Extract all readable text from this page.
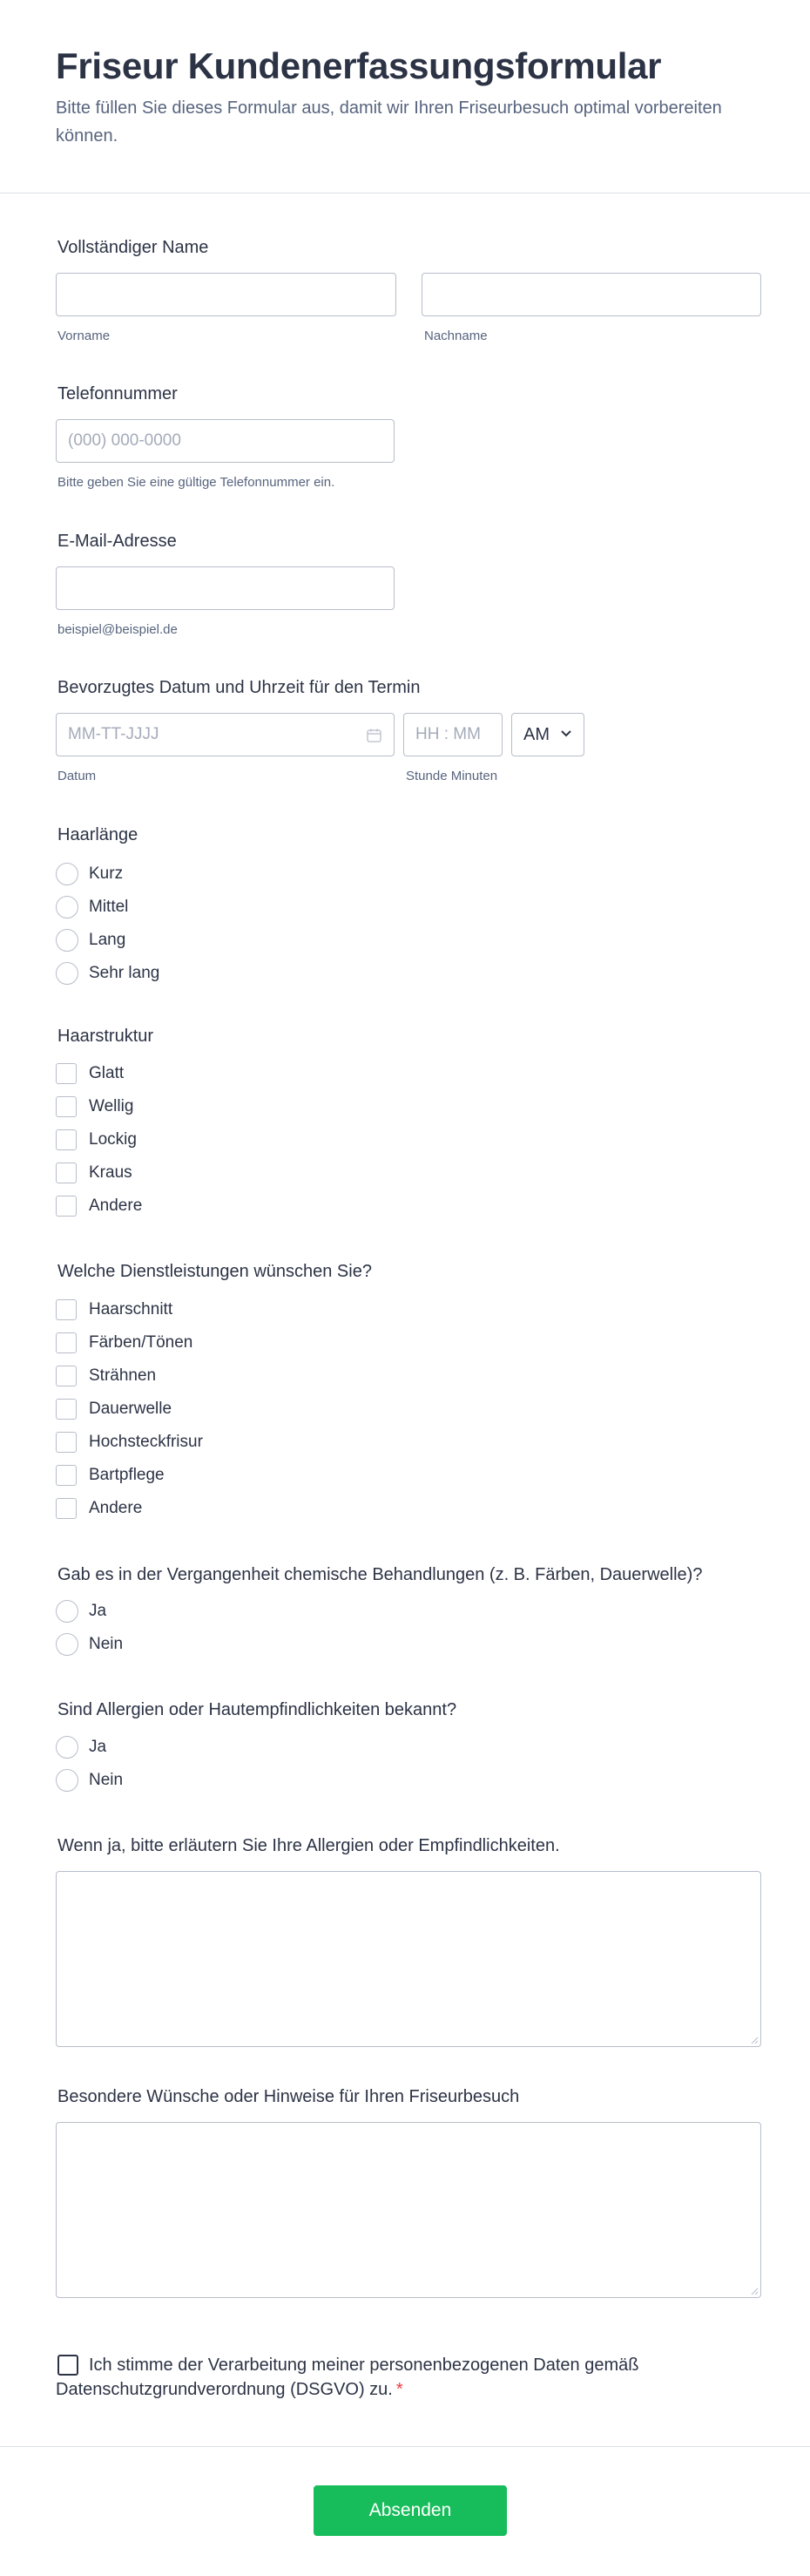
Friseur Kundenerfassungsformular

Bitte füllen Sie dieses Formular aus, damit wir Ihren Friseurbesuch optimal vorbereiten können.

Vollständiger Name
Vorname	Nachname
Telefonnummer
(000) 000-0000
Bitte geben Sie eine gültige Telefonnummer ein.
E-Mail-Adresse
beispiel@beispiel.de
Bevorzugtes Datum und Uhrzeit für den Termin
MM-TT-JJJJ
HH : MM
AM
Datum	Stunde Minuten
Haarlänge
Kurz
Mittel
Lang
Sehr lang
Haarstruktur
Glatt
Wellig
Lockig
Kraus
Andere
Welche Dienstleistungen wünschen Sie?
Haarschnitt
Färben/Tönen
Strähnen
Dauerwelle
Hochsteckfrisur
Bartpflege
Andere
Gab es in der Vergangenheit chemische Behandlungen (z. B. Färben, Dauerwelle)?
Ja
Nein
Sind Allergien oder Hautempfindlichkeiten bekannt?
Ja
Nein
Wenn ja, bitte erläutern Sie Ihre Allergien oder Empfindlichkeiten.
Besondere Wünsche oder Hinweise für Ihren Friseurbesuch
Ich stimme der Verarbeitung meiner personenbezogenen Daten gemäß Datenschutzgrundverordnung (DSGVO) zu. *
Absenden
